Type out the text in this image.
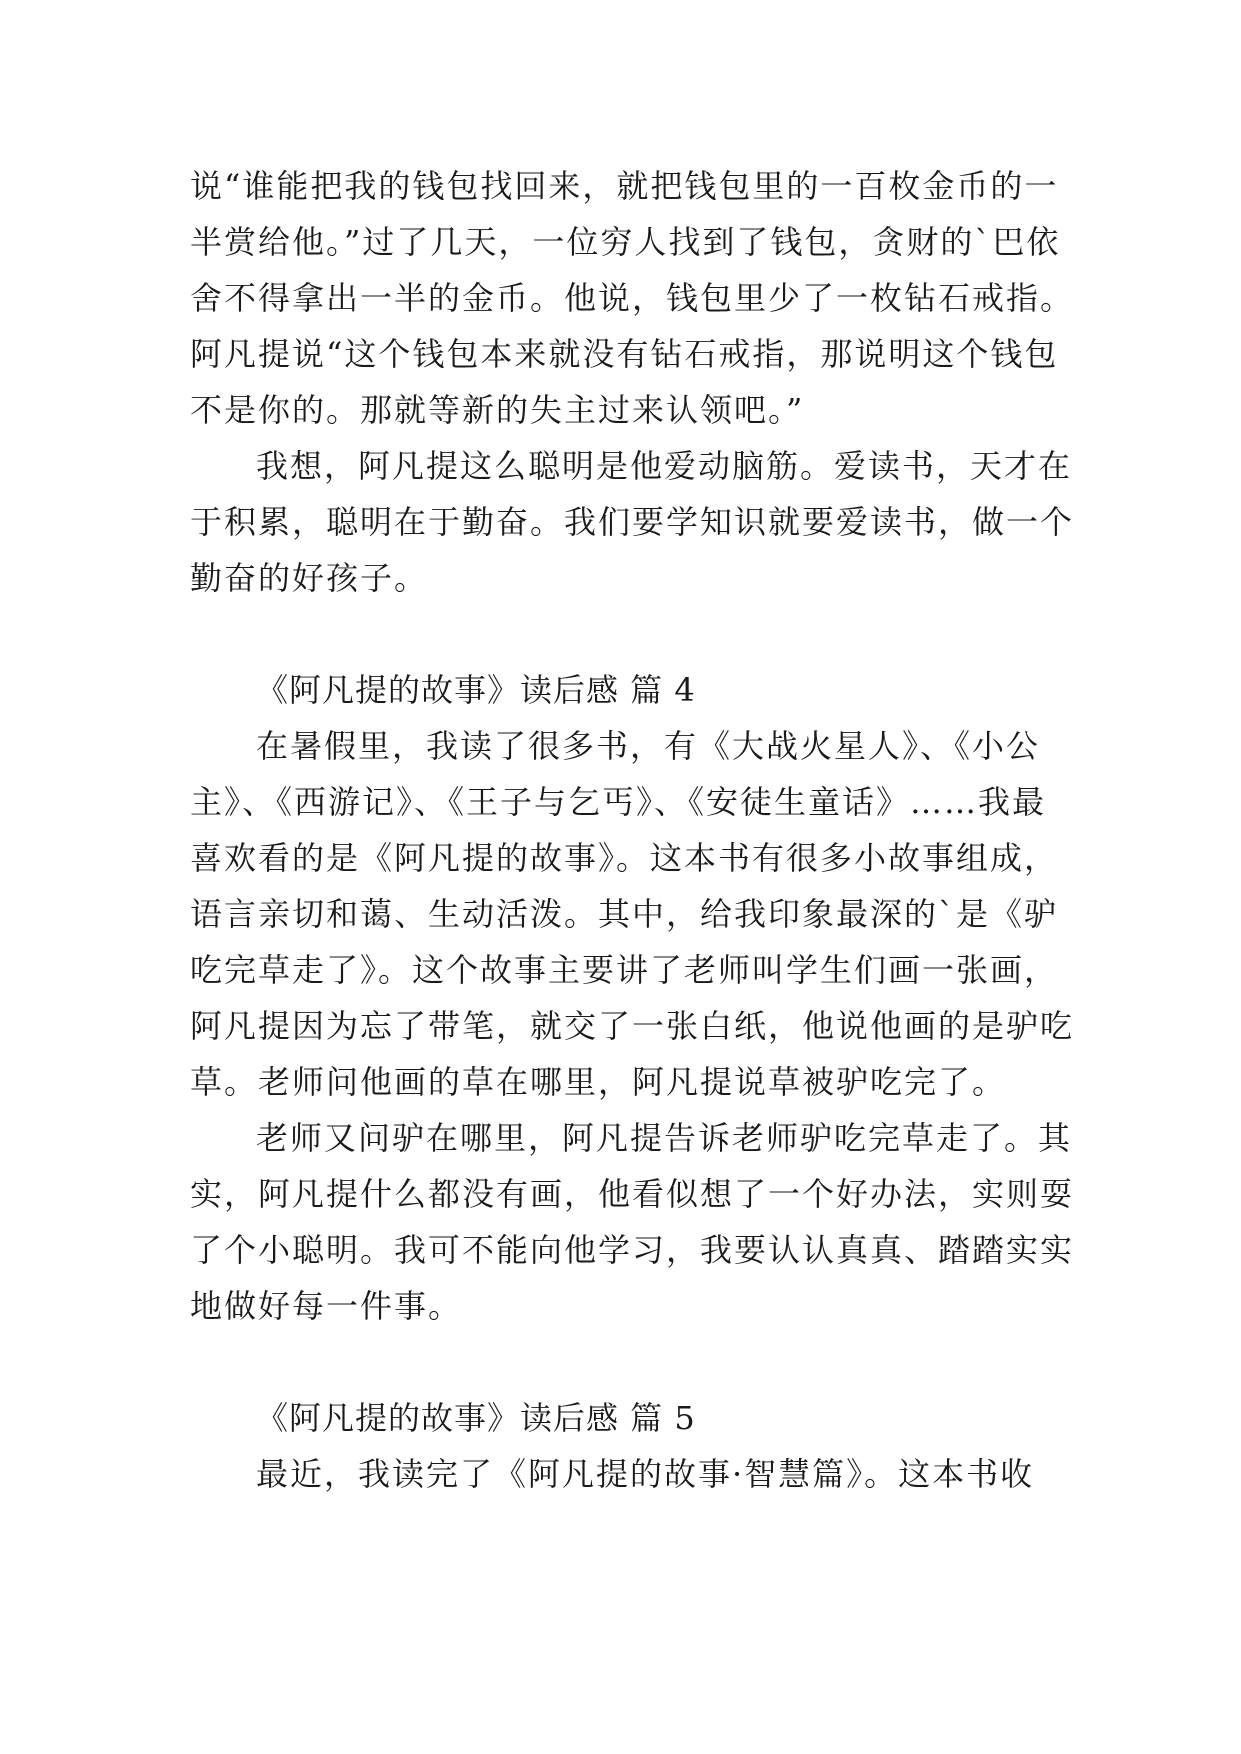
说“谁能把我的钱包找回来，就把钱包里的一百枚金币的一
半赏给他。”过了几天，一位穷人找到了钱包，贪财的`巴依
舍不得拿出一半的金币。他说，钱包里少了一枚钻石戒指。
阿凡提说“这个钱包本来就没有钻石戒指，那说明这个钱包
不是你的。那就等新的失主过来认领吧。”
我想，阿凡提这么聪明是他爱动脑筋。爱读书，天才在
于积累，聪明在于勤奋。我们要学知识就要爱读书，做一个
勤奋的好孩子。
《阿凡提的故事》读后感 篇 4
在暑假里，我读了很多书，有《大战火星人》、《小公
主》、《西游记》、《王子与乞丐》、《安徒生童话》……我最
喜欢看的是《阿凡提的故事》。这本书有很多小故事组成，
语言亲切和蔼、生动活泼。其中，给我印象最深的`是《驴
吃完草走了》。这个故事主要讲了老师叫学生们画一张画，
阿凡提因为忘了带笔，就交了一张白纸，他说他画的是驴吃
草。老师问他画的草在哪里，阿凡提说草被驴吃完了。
老师又问驴在哪里，阿凡提告诉老师驴吃完草走了。其
实，阿凡提什么都没有画，他看似想了一个好办法，实则耍
了个小聪明。我可不能向他学习，我要认认真真、踏踏实实
地做好每一件事。
《阿凡提的故事》读后感 篇 5
最近，我读完了《阿凡提的故事·智慧篇》。这本书收
